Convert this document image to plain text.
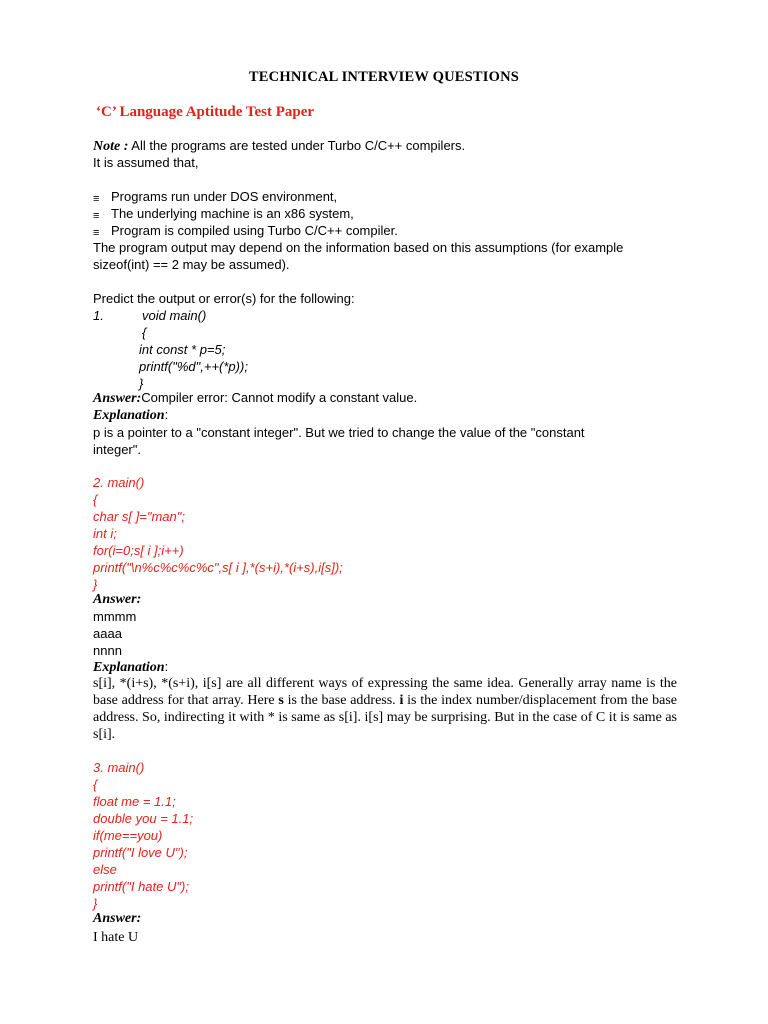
TECHNICAL INTERVIEW QUESTIONS
‘C’ Language Aptitude Test Paper
Note : All the programs are tested under Turbo C/C++ compilers.
It is assumed that,
≡ Programs run under DOS environment,
≡ The underlying machine is an x86 system,
≡ Program is compiled using Turbo C/C++ compiler.
The program output may depend on the information based on this assumptions (for example
sizeof(int) == 2 may be assumed).
Predict the output or error(s) for the following:
1.	void main()
{
int const * p=5;
printf("%d",++(*p));
}
Answer:Compiler error: Cannot modify a constant value.
Explanation:
p is a pointer to a "constant integer". But we tried to change the value of the "constant
integer".
2. main()
{
char s[ ]="man";
int i;
for(i=0;s[ i ];i++)
printf("\n%c%c%c%c",s[ i ],*(s+i),*(i+s),i[s]);
}
Answer:
mmmm
aaaa
nnnn
Explanation:
s[i], *(i+s), *(s+i), i[s] are all different ways of expressing the same idea. Generally array name is the base address for that array. Here s is the base address. i is the index number/displacement from the base address. So, indirecting it with * is same as s[i]. i[s] may be surprising. But in the case of C it is same as s[i].
3. main()
{
float me = 1.1;
double you = 1.1;
if(me==you)
printf("I love U");
else
printf("I hate U");
}
Answer:
I hate U
